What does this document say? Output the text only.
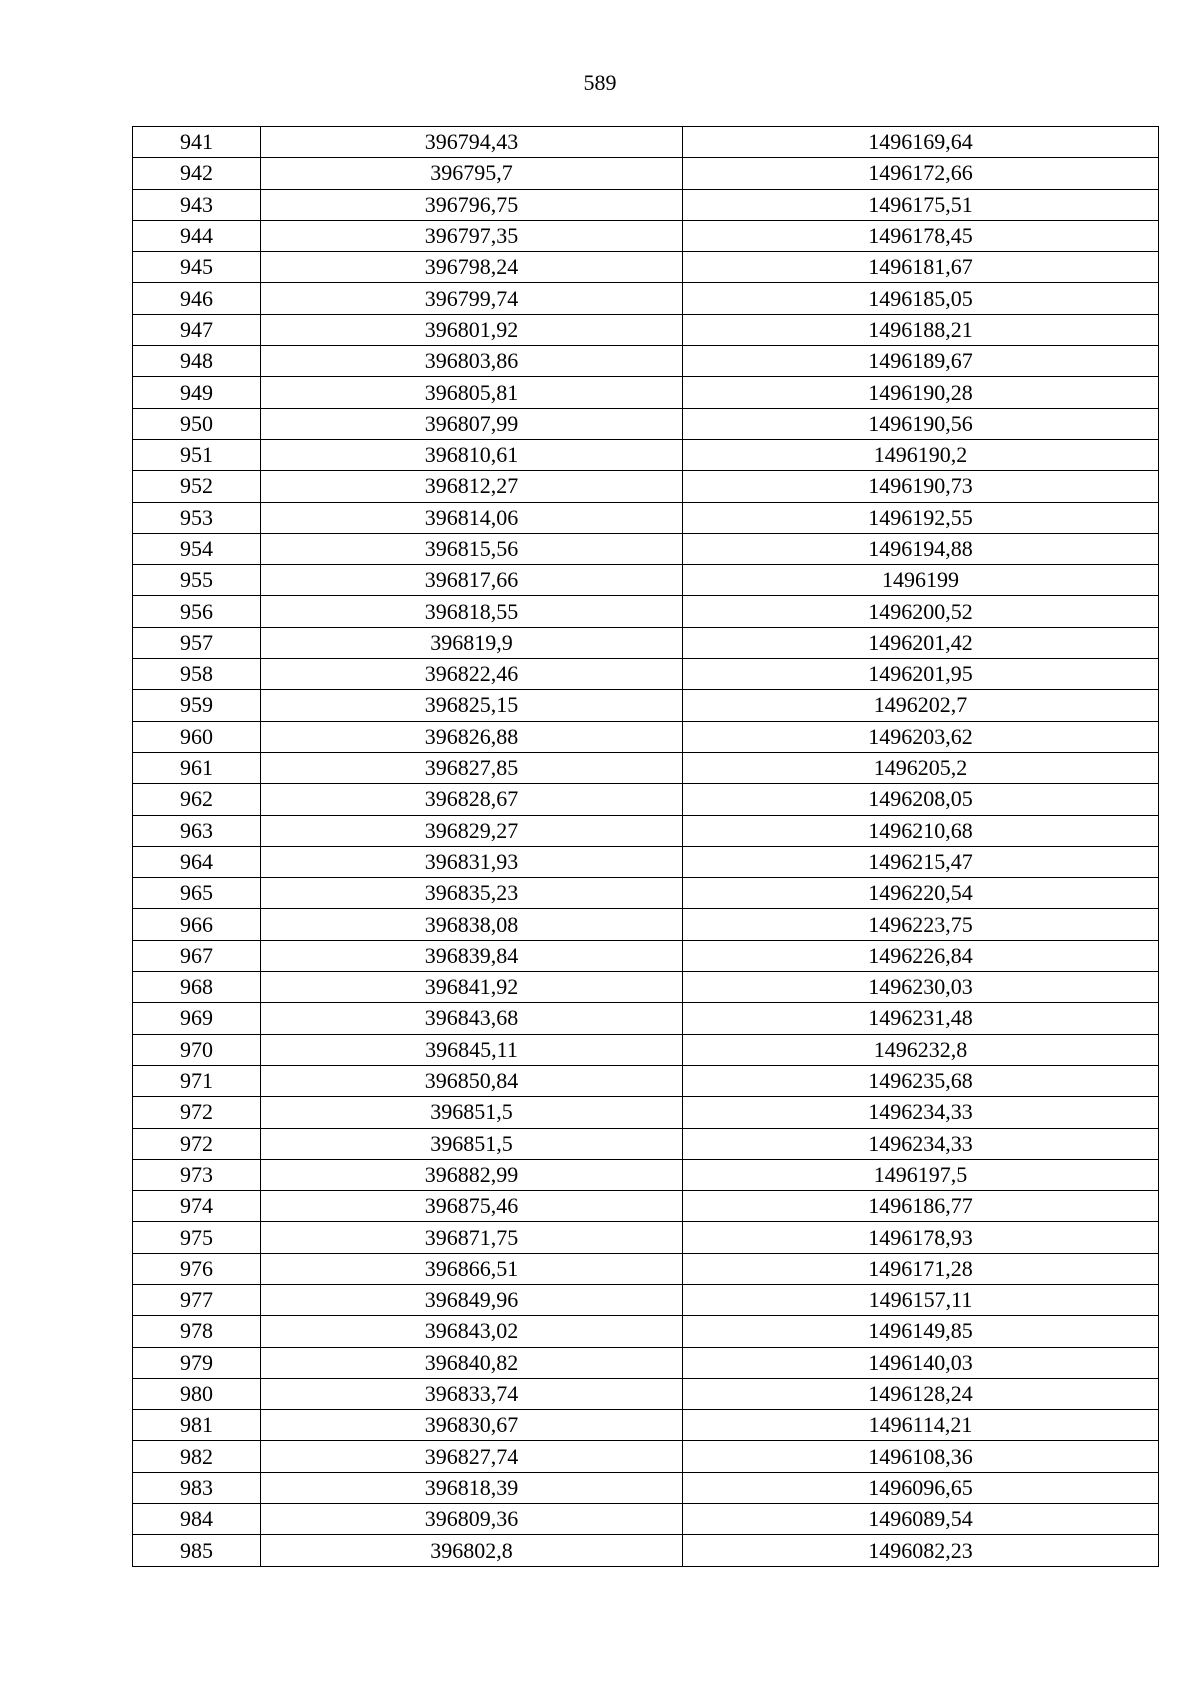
589
941	396794,43	1496169,64
942	396795,7	1496172,66
943	396796,75	1496175,51
944	396797,35	1496178,45
945	396798,24	1496181,67
946	396799,74	1496185,05
947	396801,92	1496188,21
948	396803,86	1496189,67
949	396805,81	1496190,28
950	396807,99	1496190,56
951	396810,61	1496190,2
952	396812,27	1496190,73
953	396814,06	1496192,55
954	396815,56	1496194,88
955	396817,66	1496199
956	396818,55	1496200,52
957	396819,9	1496201,42
958	396822,46	1496201,95
959	396825,15	1496202,7
960	396826,88	1496203,62
961	396827,85	1496205,2
962	396828,67	1496208,05
963	396829,27	1496210,68
964	396831,93	1496215,47
965	396835,23	1496220,54
966	396838,08	1496223,75
967	396839,84	1496226,84
968	396841,92	1496230,03
969	396843,68	1496231,48
970	396845,11	1496232,8
971	396850,84	1496235,68
972	396851,5	1496234,33
972	396851,5	1496234,33
973	396882,99	1496197,5
974	396875,46	1496186,77
975	396871,75	1496178,93
976	396866,51	1496171,28
977	396849,96	1496157,11
978	396843,02	1496149,85
979	396840,82	1496140,03
980	396833,74	1496128,24
981	396830,67	1496114,21
982	396827,74	1496108,36
983	396818,39	1496096,65
984	396809,36	1496089,54
985	396802,8	1496082,23
